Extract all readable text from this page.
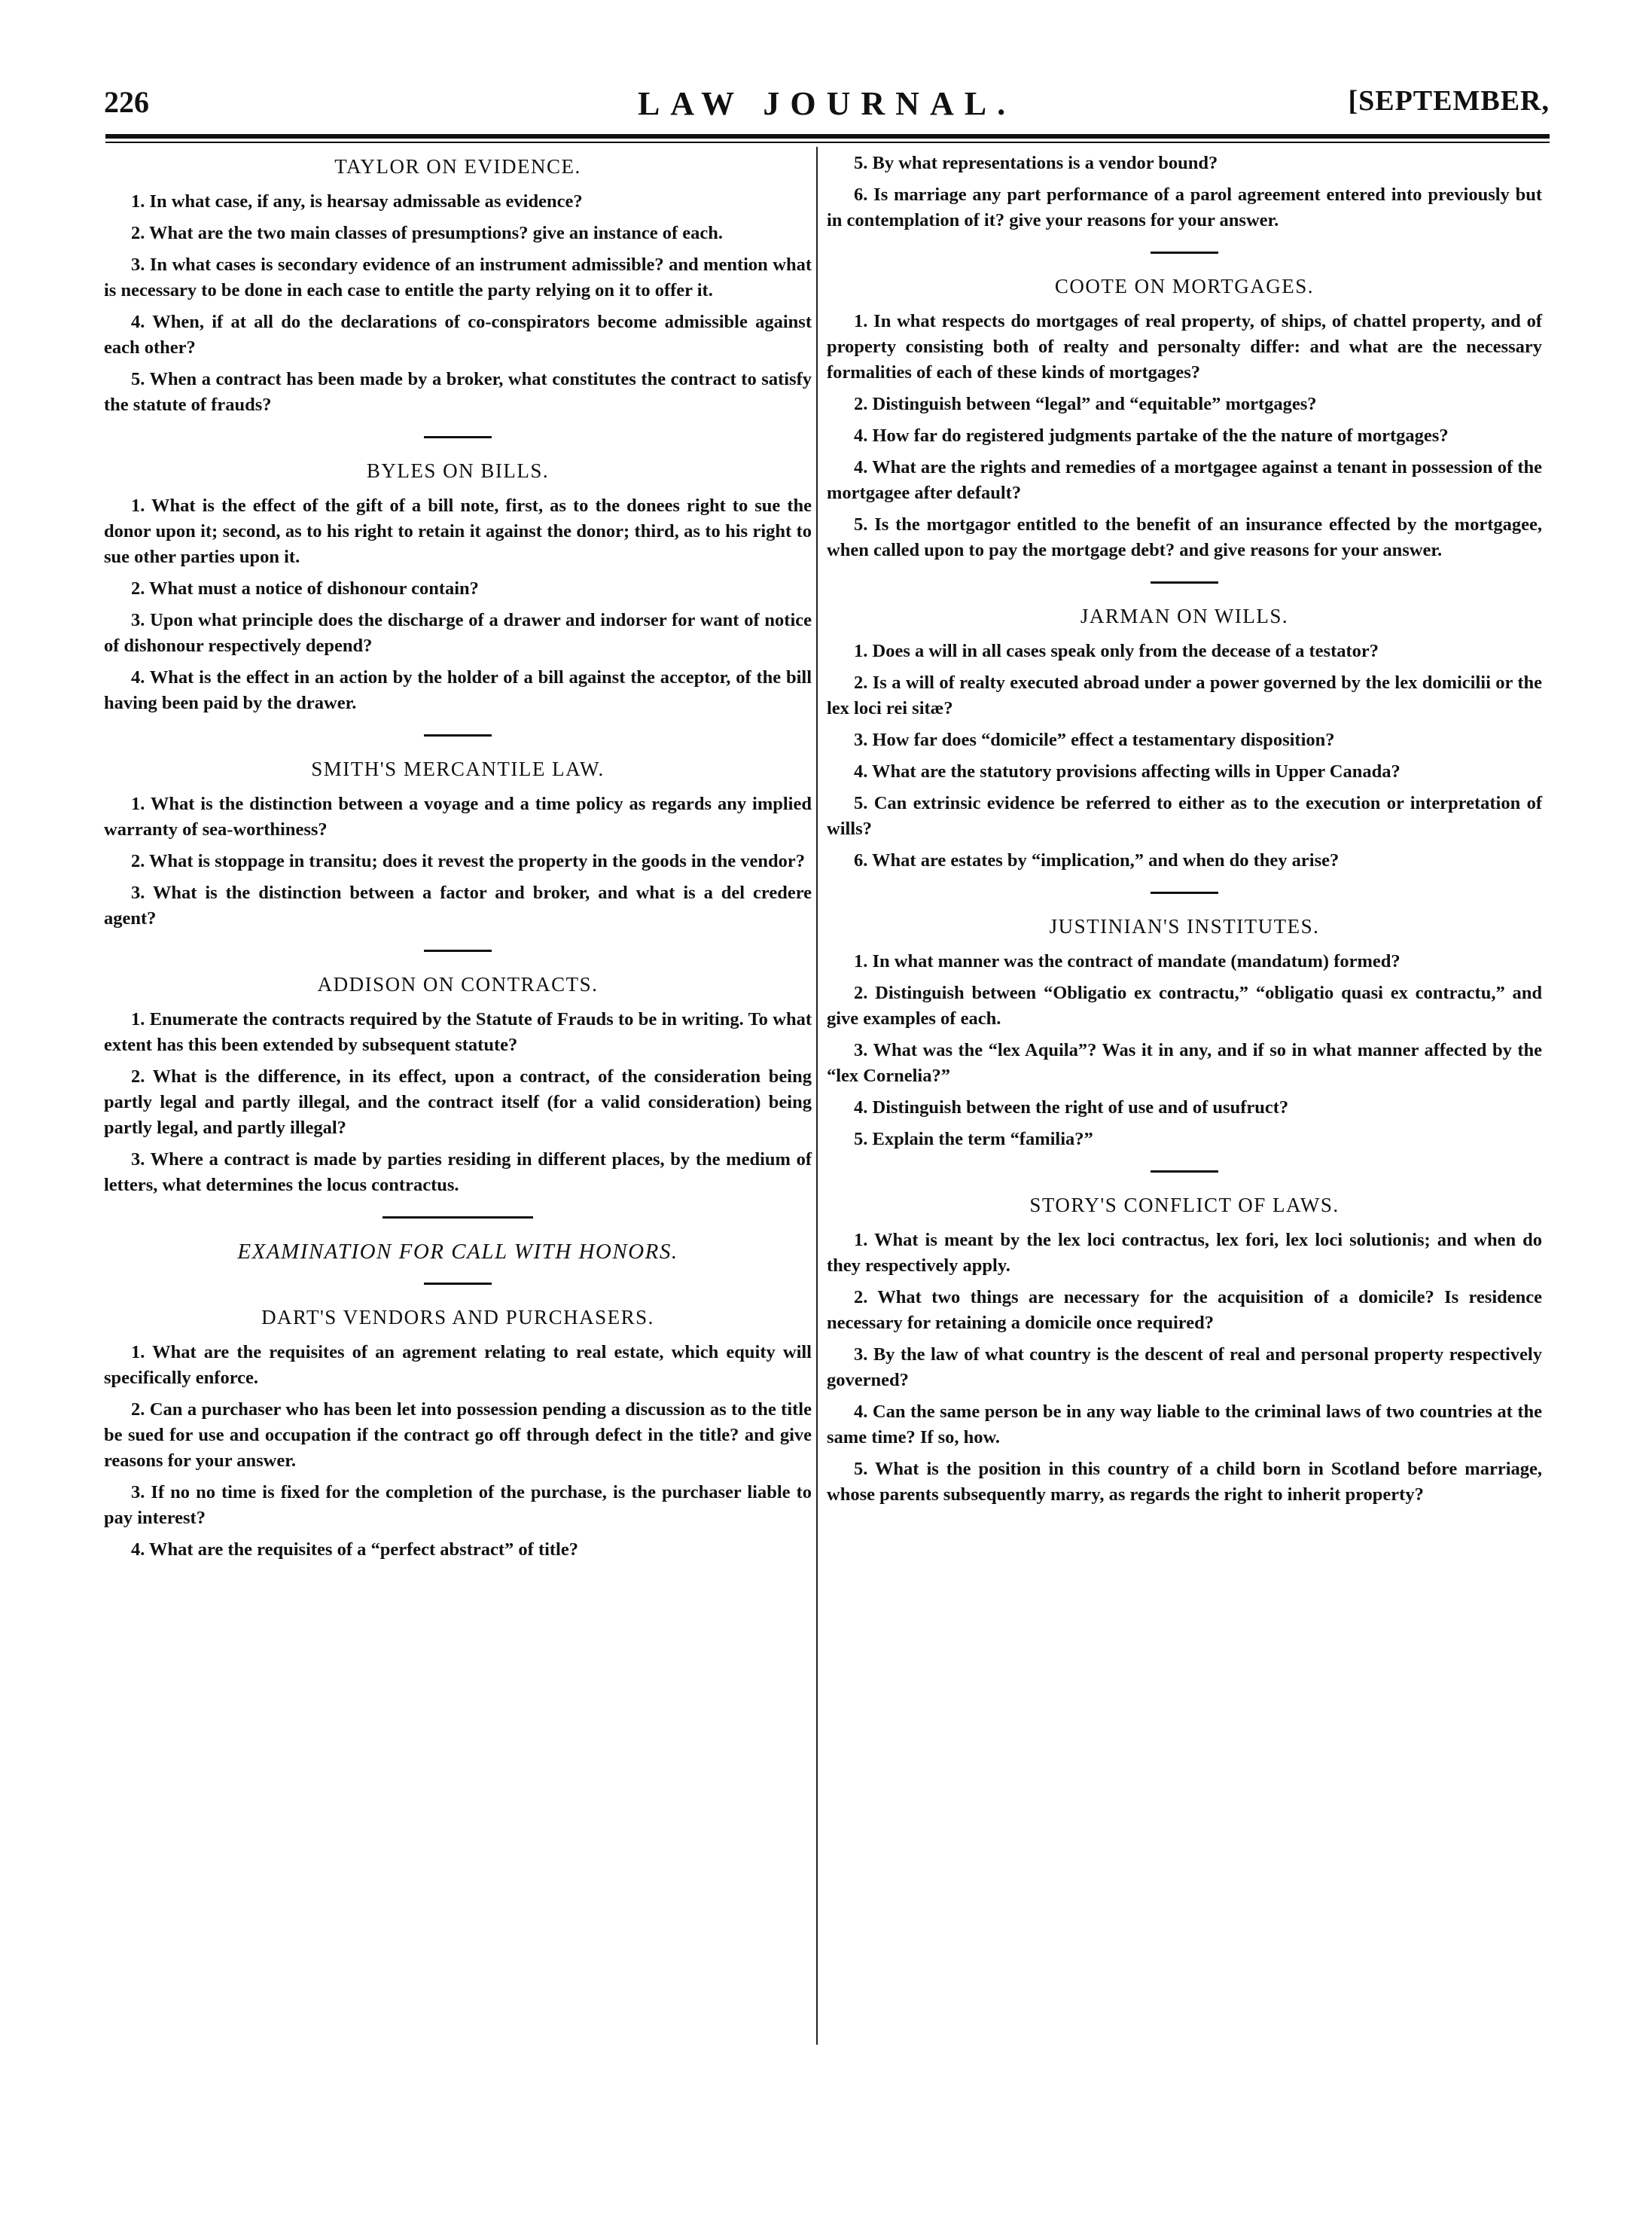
226	LAW JOURNAL.	[SEPTEMBER,
TAYLOR ON EVIDENCE.

1. In what case, if any, is hearsay admissable as evidence?

2. What are the two main classes of presumptions? give an instance of each.

3. In what cases is secondary evidence of an instrument admissible? and mention what is necessary to be done in each case to entitle the party relying on it to offer it.

4. When, if at all do the declarations of co-conspirators become admissible against each other?

5. When a contract has been made by a broker, what constitutes the contract to satisfy the statute of frauds?

BYLES ON BILLS.

1. What is the effect of the gift of a bill note, first, as to the donees right to sue the donor upon it; second, as to his right to retain it against the donor; third, as to his right to sue other parties upon it.

2. What must a notice of dishonour contain?

3. Upon what principle does the discharge of a drawer and indorser for want of notice of dishonour respectively depend?

4. What is the effect in an action by the holder of a bill against the acceptor, of the bill having been paid by the drawer.

SMITH'S MERCANTILE LAW.

1. What is the distinction between a voyage and a time policy as regards any implied warranty of sea-worthiness?

2. What is stoppage in transitu; does it revest the property in the goods in the vendor?

3. What is the distinction between a factor and broker, and what is a del credere agent?

ADDISON ON CONTRACTS.

1. Enumerate the contracts required by the Statute of Frauds to be in writing. To what extent has this been extended by subsequent statute?

2. What is the difference, in its effect, upon a contract, of the consideration being partly legal and partly illegal, and the contract itself (for a valid consideration) being partly legal, and partly illegal?

3. Where a contract is made by parties residing in different places, by the medium of letters, what determines the locus contractus.

EXAMINATION FOR CALL WITH HONORS.
DART'S VENDORS AND PURCHASERS.

1. What are the requisites of an agrement relating to real estate, which equity will specifically enforce.

2. Can a purchaser who has been let into possession pending a discussion as to the title be sued for use and occupation if the contract go off through defect in the title? and give reasons for your answer.

3. If no no time is fixed for the completion of the purchase, is the purchaser liable to pay interest?

4. What are the requisites of a “perfect abstract” of title?

5. By what representations is a vendor bound?

6. Is marriage any part performance of a parol agreement entered into previously but in contemplation of it? give your reasons for your answer.

COOTE ON MORTGAGES.

1. In what respects do mortgages of real property, of ships, of chattel property, and of property consisting both of realty and personalty differ: and what are the necessary formalities of each of these kinds of mortgages?

2. Distinguish between “legal” and “equitable” mortgages?

4. How far do registered judgments partake of the the nature of mortgages?

4. What are the rights and remedies of a mortgagee against a tenant in possession of the mortgagee after default?

5. Is the mortgagor entitled to the benefit of an insurance effected by the mortgagee, when called upon to pay the mortgage debt? and give reasons for your answer.

JARMAN ON WILLS.

1. Does a will in all cases speak only from the decease of a testator?

2. Is a will of realty executed abroad under a power governed by the lex domicilii or the lex loci rei sitæ?

3. How far does “domicile” effect a testamentary disposition?

4. What are the statutory provisions affecting wills in Upper Canada?

5. Can extrinsic evidence be referred to either as to the execution or interpretation of wills?

6. What are estates by “implication,” and when do they arise?

JUSTINIAN'S INSTITUTES.

1. In what manner was the contract of mandate (mandatum) formed?

2. Distinguish between “Obligatio ex contractu,” “obligatio quasi ex contractu,” and give examples of each.

3. What was the “lex Aquila”? Was it in any, and if so in what manner affected by the “lex Cornelia?”

4. Distinguish between the right of use and of usufruct?

5. Explain the term “familia?”

STORY'S CONFLICT OF LAWS.

1. What is meant by the lex loci contractus, lex fori, lex loci solutionis; and when do they respectively apply.

2. What two things are necessary for the acquisition of a domicile? Is residence necessary for retaining a domicile once required?

3. By the law of what country is the descent of real and personal property respectively governed?

4. Can the same person be in any way liable to the criminal laws of two countries at the same time? If so, how.

5. What is the position in this country of a child born in Scotland before marriage, whose parents subsequently marry, as regards the right to inherit property?
